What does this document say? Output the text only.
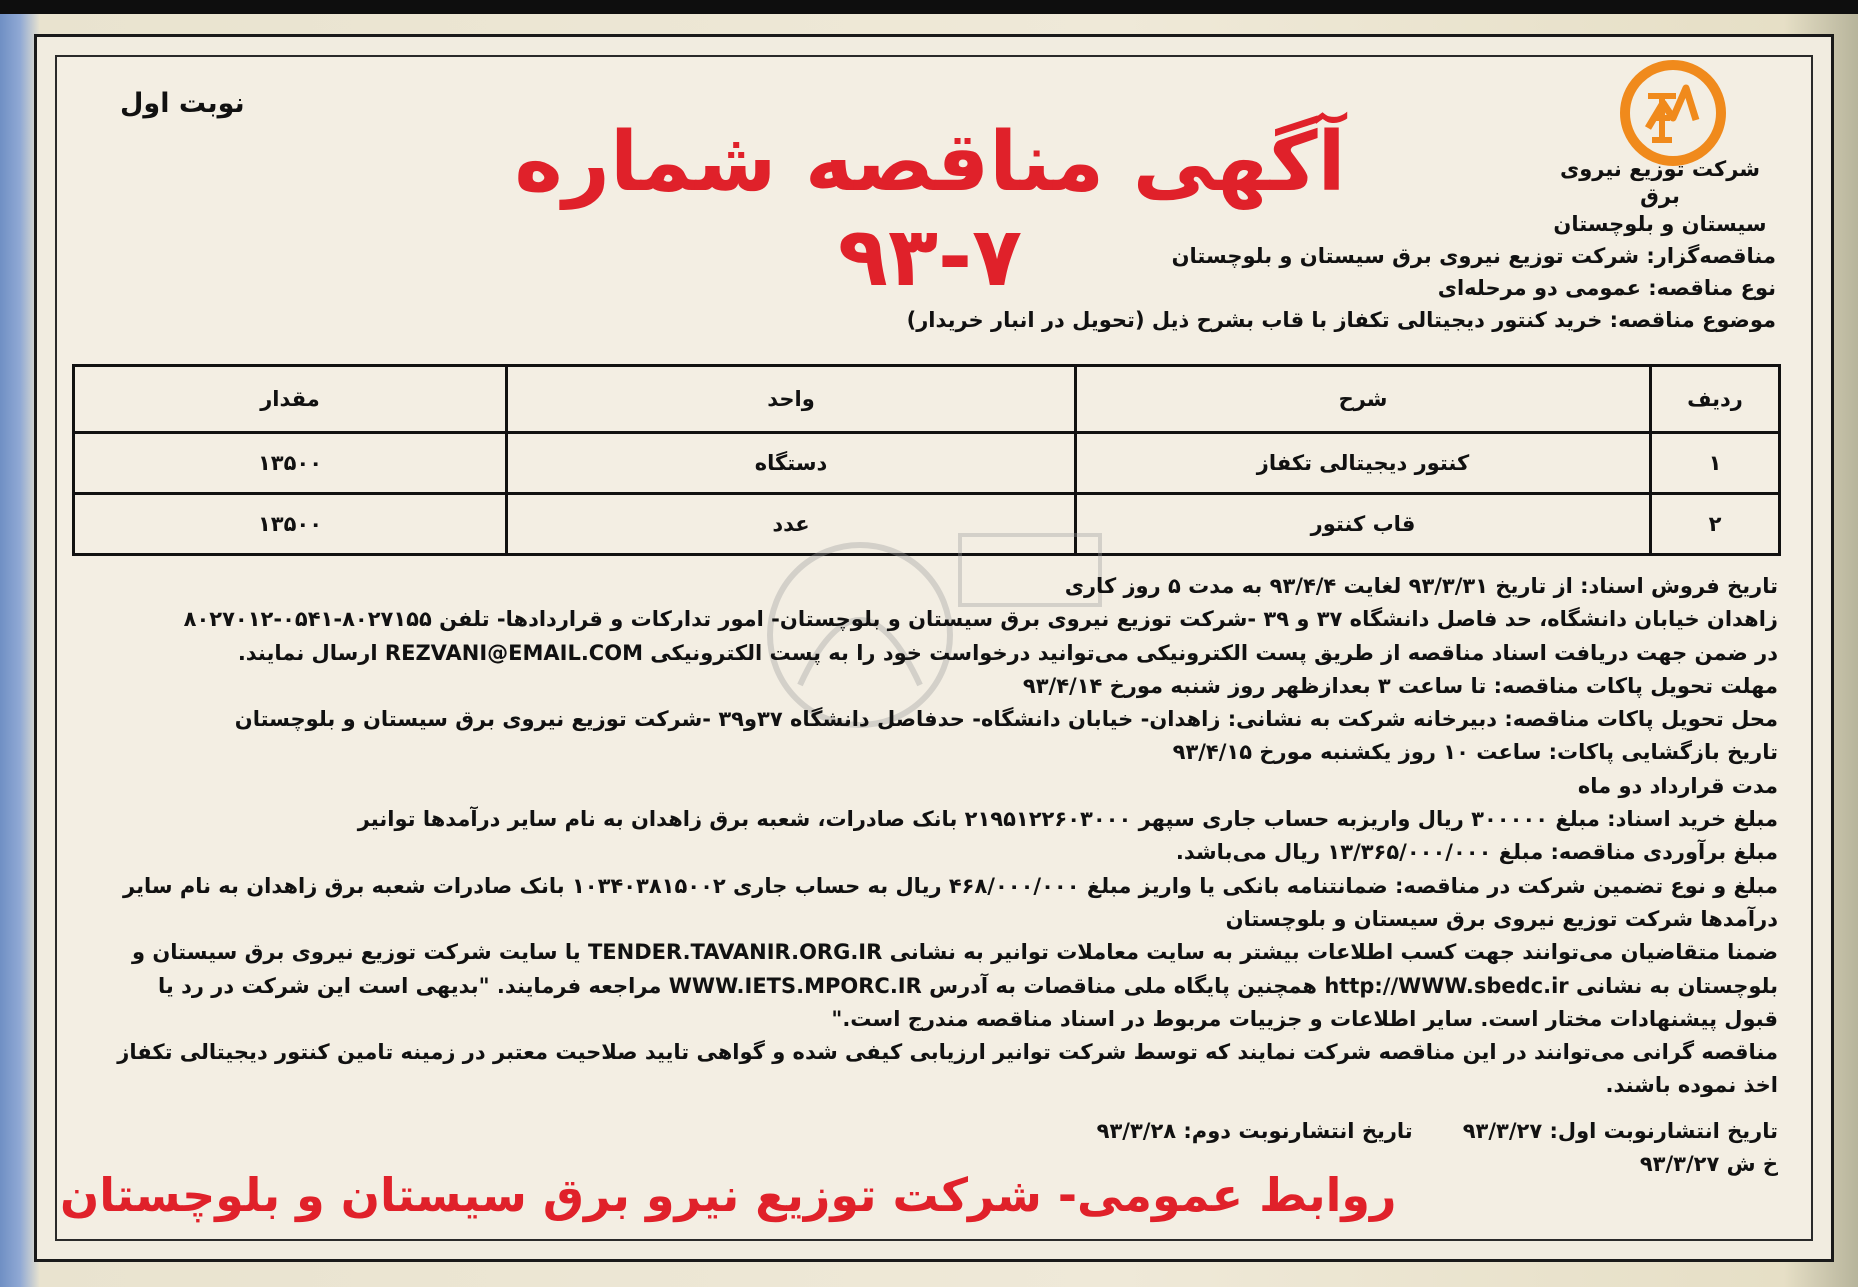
شرکت توزیع نیروی برق
سیستان و بلوچستان
نوبت اول
آگهی مناقصه شماره ۷-۹۳	مناقصه‌گزار: شرکت توزیع نیروی برق سیستان و بلوچستان
نوع مناقصه: عمومی دو مرحله‌ای
موضوع مناقصه: خرید کنتور دیجیتالی تکفاز با قاب بشرح ذیل (تحویل در انبار خریدار)
ردیف	شرح	واحد	مقدار
۱	کنتور دیجیتالی تکفاز	دستگاه	۱۳۵۰۰
۲	قاب کنتور	عدد	۱۳۵۰۰

تاریخ فروش اسناد: از تاریخ ۹۳/۳/۳۱ لغایت ۹۳/۴/۴ به مدت ۵ روز کاری

زاهدان خیابان دانشگاه، حد فاصل دانشگاه ۳۷ و ۳۹ -شرکت توزیع نیروی برق سیستان و بلوچستان- امور تدارکات و قراردادها- تلفن ۸۰۲۷۱۵۵-۰۵۴۱-۸۰۲۷۰۱۲

در ضمن جهت دریافت اسناد مناقصه از طریق پست الکترونیکی می‌توانید درخواست خود را به پست الکترونیکی REZVANI@EMAIL.COM ارسال نمایند.

مهلت تحویل پاکات مناقصه: تا ساعت ۳ بعدازظهر روز شنبه مورخ ۹۳/۴/۱۴

محل تحویل پاکات مناقصه: دبیرخانه شرکت به نشانی: زاهدان- خیابان دانشگاه- حدفاصل دانشگاه ۳۷و۳۹ -شرکت توزیع نیروی برق سیستان و بلوچستان

تاریخ بازگشایی پاکات: ساعت ۱۰ روز یکشنبه مورخ ۹۳/۴/۱۵

مدت قرارداد دو ماه

مبلغ خرید اسناد: مبلغ ۳۰۰۰۰۰ ریال واریزبه حساب جاری سپهر ۲۱۹۵۱۲۲۶۰۳۰۰۰ بانک صادرات، شعبه برق زاهدان به نام سایر درآمدها توانیر

مبلغ برآوردی مناقصه: مبلغ ۱۳/۳۶۵/۰۰۰/۰۰۰ ریال می‌باشد.

مبلغ و نوع تضمین شرکت در مناقصه: ضمانتنامه بانکی یا واریز مبلغ ۴۶۸/۰۰۰/۰۰۰ ریال به حساب جاری ۱۰۳۴۰۳۸۱۵۰۰۲ بانک صادرات شعبه برق زاهدان به نام سایر درآمدها شرکت توزیع نیروی برق سیستان و بلوچستان

ضمنا متقاضیان می‌توانند جهت کسب اطلاعات بیشتر به سایت معاملات توانیر به نشانی TENDER.TAVANIR.ORG.IR یا سایت شرکت توزیع نیروی برق سیستان و بلوچستان به نشانی http://WWW.sbedc.ir همچنین پایگاه ملی مناقصات به آدرس WWW.IETS.MPORC.IR مراجعه فرمایند. "بدیهی است این شرکت در رد یا قبول پیشنهادات مختار است. سایر اطلاعات و جزییات مربوط در اسناد مناقصه مندرج است."

مناقصه گرانی می‌توانند در این مناقصه شرکت نمایند که توسط شرکت توانیر ارزیابی کیفی شده و گواهی تایید صلاحیت معتبر در زمینه تامین کنتور دیجیتالی تکفاز اخذ نموده باشند.

تاریخ انتشارنوبت اول: ۹۳/۳/۲۷تاریخ انتشارنوبت دوم: ۹۳/۳/۲۸
خ ش ۹۳/۳/۲۷
روابط عمومی- شرکت توزیع نیرو برق سیستان و بلوچستان
